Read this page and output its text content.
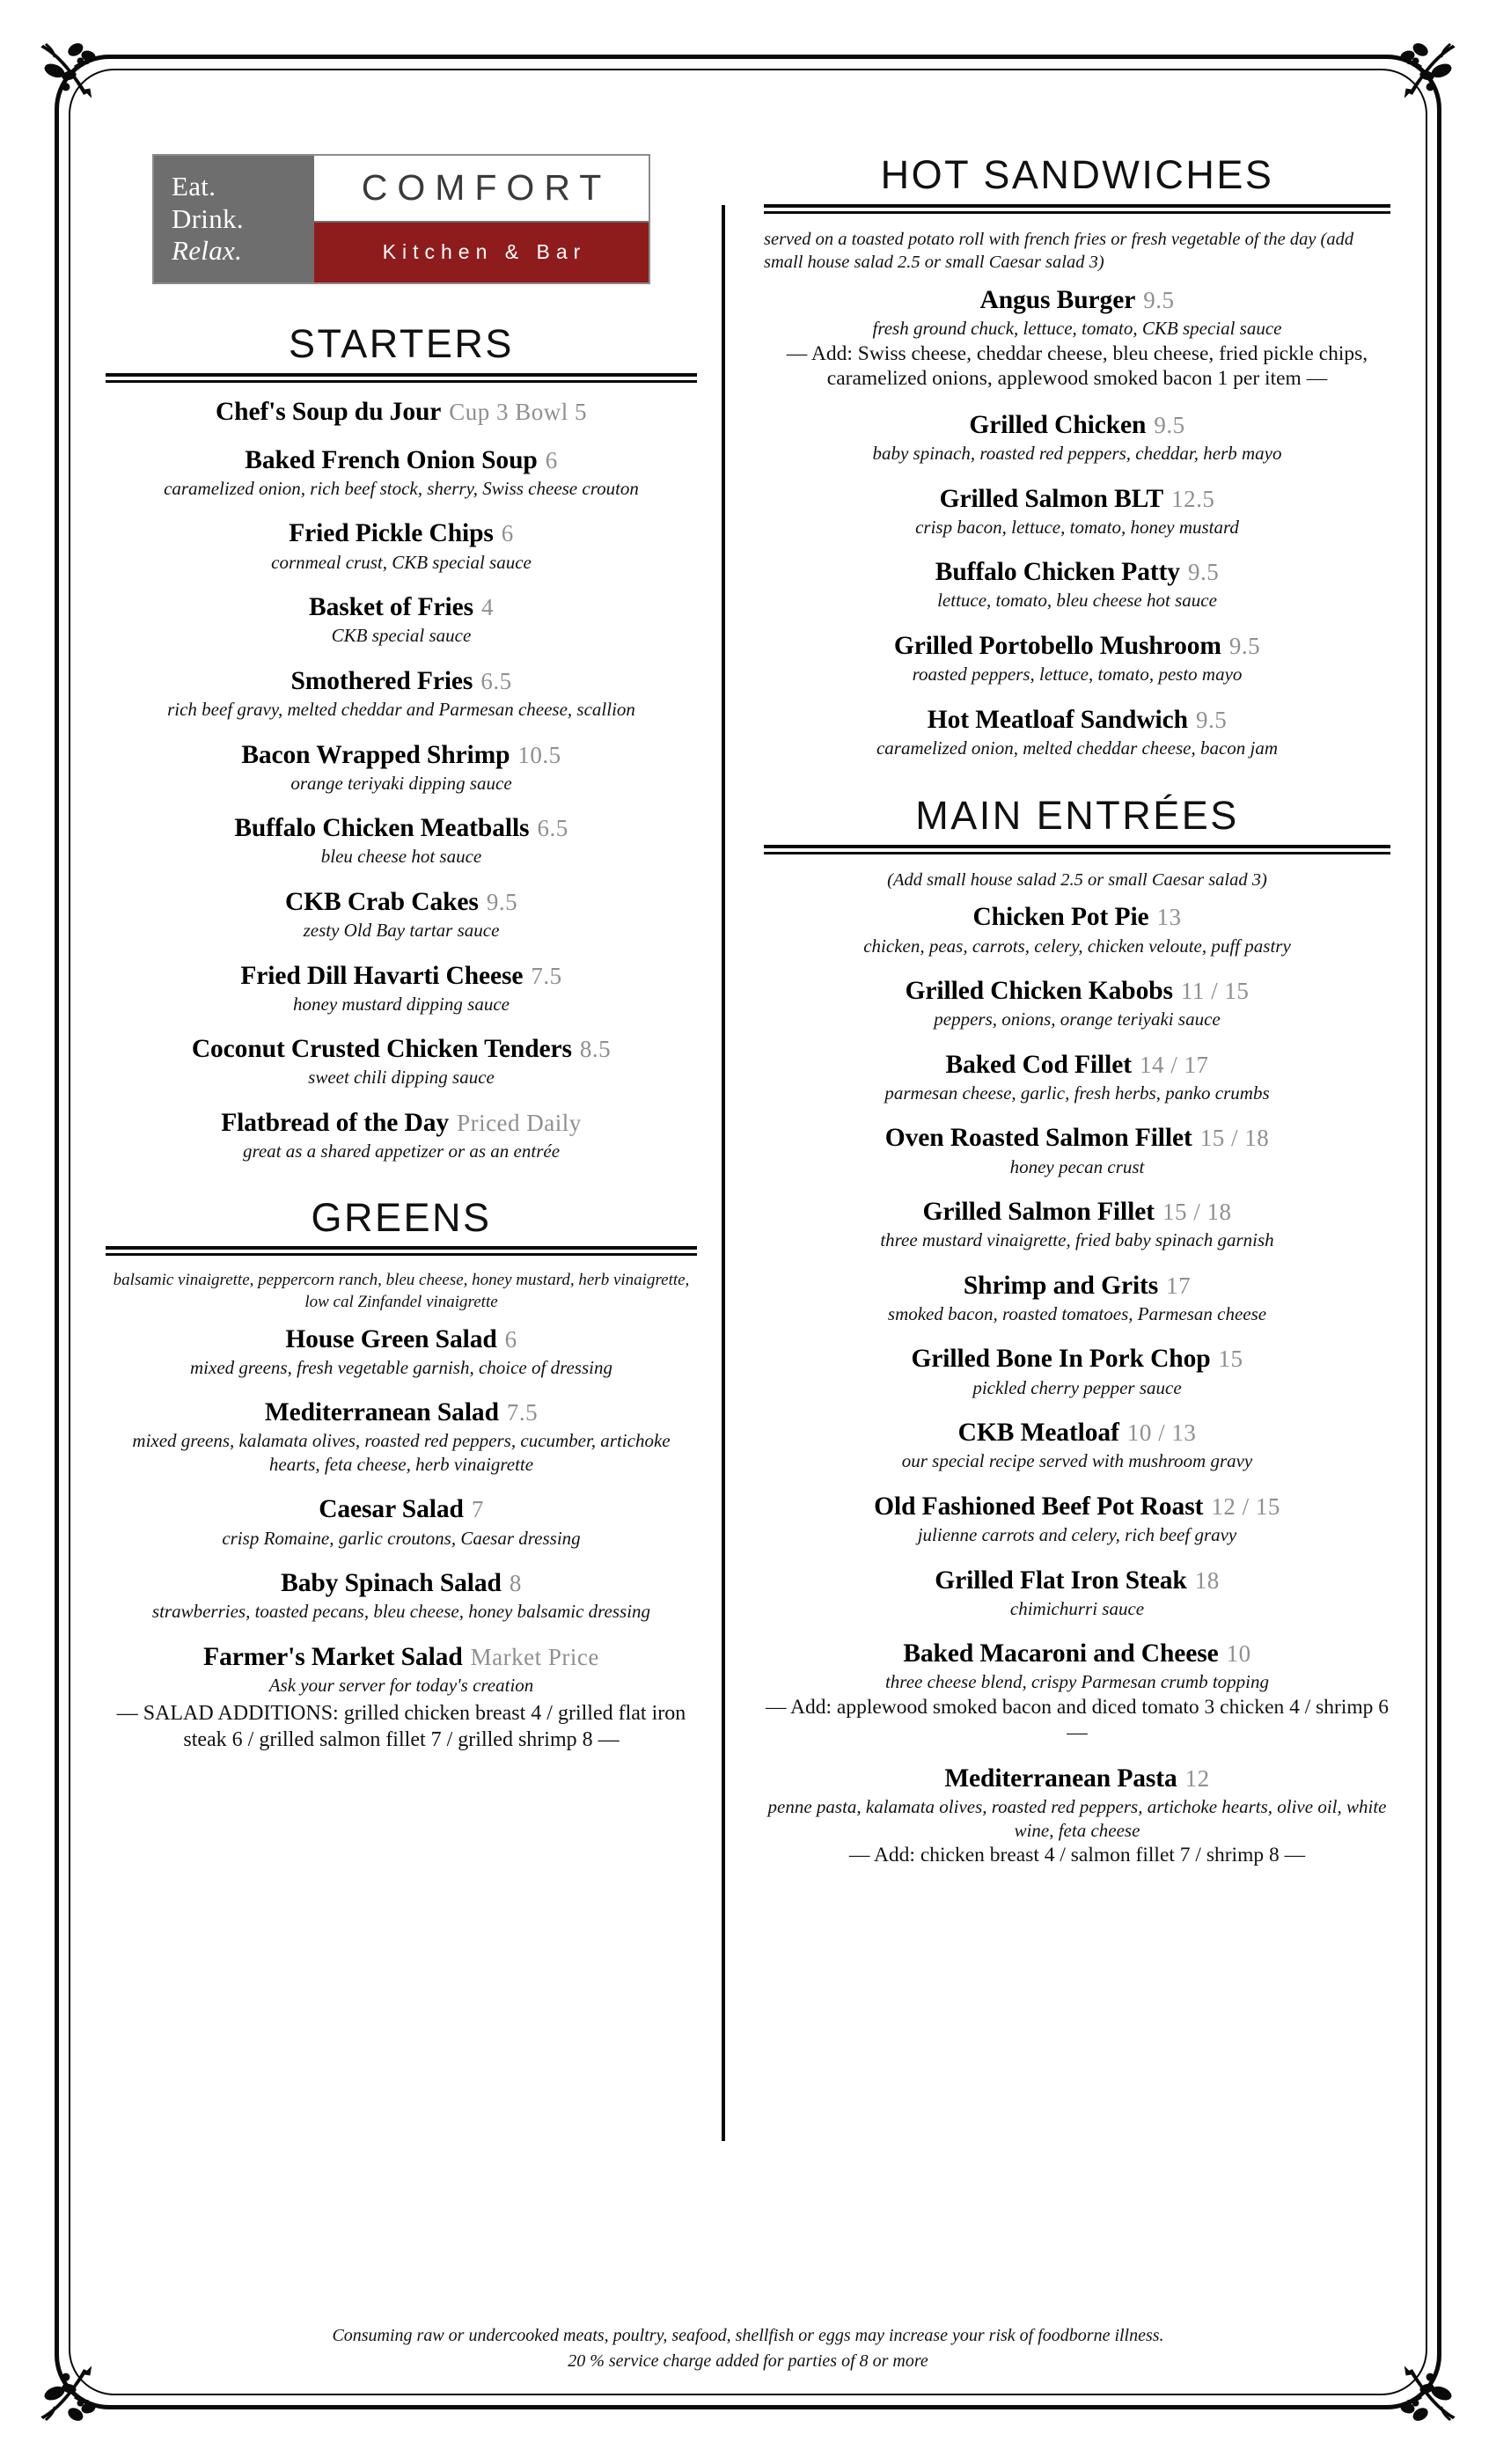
Eat.
Drink.
Relax.
COMFORT
Kitchen & Bar
STARTERS
Chef's Soup du Jour Cup 3 Bowl 5
Baked French Onion Soup 6
caramelized onion, rich beef stock, sherry, Swiss cheese crouton
Fried Pickle Chips 6
cornmeal crust, CKB special sauce
Basket of Fries 4
CKB special sauce
Smothered Fries 6.5
rich beef gravy, melted cheddar and Parmesan cheese, scallion
Bacon Wrapped Shrimp 10.5
orange teriyaki dipping sauce
Buffalo Chicken Meatballs 6.5
bleu cheese hot sauce
CKB Crab Cakes 9.5
zesty Old Bay tartar sauce
Fried Dill Havarti Cheese 7.5
honey mustard dipping sauce
Coconut Crusted Chicken Tenders 8.5
sweet chili dipping sauce
Flatbread of the Day Priced Daily
great as a shared appetizer or as an entrée
GREENS
balsamic vinaigrette, peppercorn ranch, bleu cheese, honey mustard, herb vinaigrette, low cal Zinfandel vinaigrette
House Green Salad 6
mixed greens, fresh vegetable garnish, choice of dressing
Mediterranean Salad 7.5
mixed greens, kalamata olives, roasted red peppers, cucumber, artichoke hearts, feta cheese, herb vinaigrette
Caesar Salad 7
crisp Romaine, garlic croutons, Caesar dressing
Baby Spinach Salad 8
strawberries, toasted pecans, bleu cheese, honey balsamic dressing
Farmer's Market Salad Market Price
Ask your server for today's creation
— SALAD ADDITIONS: grilled chicken breast 4 / grilled flat iron steak 6 / grilled salmon fillet 7 / grilled shrimp 8 —
HOT SANDWICHES
served on a toasted potato roll with french fries or fresh vegetable of the day (add small house salad 2.5 or small Caesar salad 3)
Angus Burger 9.5
fresh ground chuck, lettuce, tomato, CKB special sauce
— Add: Swiss cheese, cheddar cheese, bleu cheese, fried pickle chips, caramelized onions, applewood smoked bacon 1 per item —
Grilled Chicken 9.5
baby spinach, roasted red peppers, cheddar, herb mayo
Grilled Salmon BLT 12.5
crisp bacon, lettuce, tomato, honey mustard
Buffalo Chicken Patty 9.5
lettuce, tomato, bleu cheese hot sauce
Grilled Portobello Mushroom 9.5
roasted peppers, lettuce, tomato, pesto mayo
Hot Meatloaf Sandwich 9.5
caramelized onion, melted cheddar cheese, bacon jam
MAIN ENTRÉES
(Add small house salad 2.5 or small Caesar salad 3)
Chicken Pot Pie 13
chicken, peas, carrots, celery, chicken veloute, puff pastry
Grilled Chicken Kabobs 11 / 15
peppers, onions, orange teriyaki sauce
Baked Cod Fillet 14 / 17
parmesan cheese, garlic, fresh herbs, panko crumbs
Oven Roasted Salmon Fillet 15 / 18
honey pecan crust
Grilled Salmon Fillet 15 / 18
three mustard vinaigrette, fried baby spinach garnish
Shrimp and Grits 17
smoked bacon, roasted tomatoes, Parmesan cheese
Grilled Bone In Pork Chop 15
pickled cherry pepper sauce
CKB Meatloaf 10 / 13
our special recipe served with mushroom gravy
Old Fashioned Beef Pot Roast 12 / 15
julienne carrots and celery, rich beef gravy
Grilled Flat Iron Steak 18
chimichurri sauce
Baked Macaroni and Cheese 10
three cheese blend, crispy Parmesan crumb topping
— Add: applewood smoked bacon and diced tomato 3 chicken 4 / shrimp 6 —
Mediterranean Pasta 12
penne pasta, kalamata olives, roasted red peppers, artichoke hearts, olive oil, white wine, feta cheese
— Add: chicken breast 4 / salmon fillet 7 / shrimp 8 —
Consuming raw or undercooked meats, poultry, seafood, shellfish or eggs may increase your risk of foodborne illness.
20 % service charge added for parties of 8 or more
